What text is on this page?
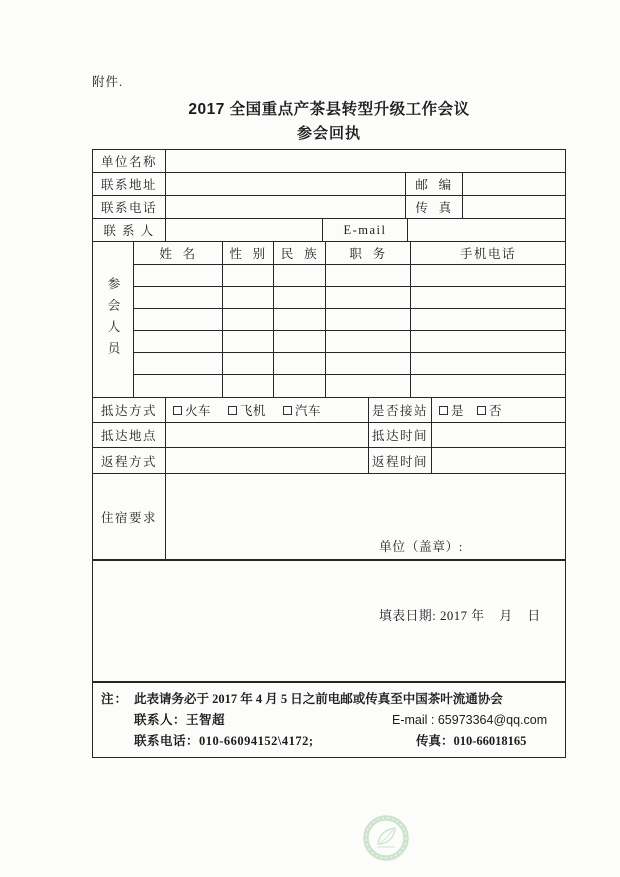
附件.
2017 全国重点产茶县转型升级工作会议
参会回执
单位名称
联系地址	邮  编
联系电话	传  真
联 系 人	E-mail
参会人员
姓  名	性  别	民  族	职  务	手机电话
抵达方式	火车 飞机 汽车	是否接站	是 否
抵达地点	抵达时间
返程方式	返程时间
住宿要求

单位（盖章）:

填表日期: 2017 年    月    日

注： 此表请务必于 2017 年 4 月 5 日之前电邮或传真至中国茶叶流通协会
联系人：王智超	E-mail : 65973364@qq.com
联系电话：010-66094152\4172;	传真：010-66018165
